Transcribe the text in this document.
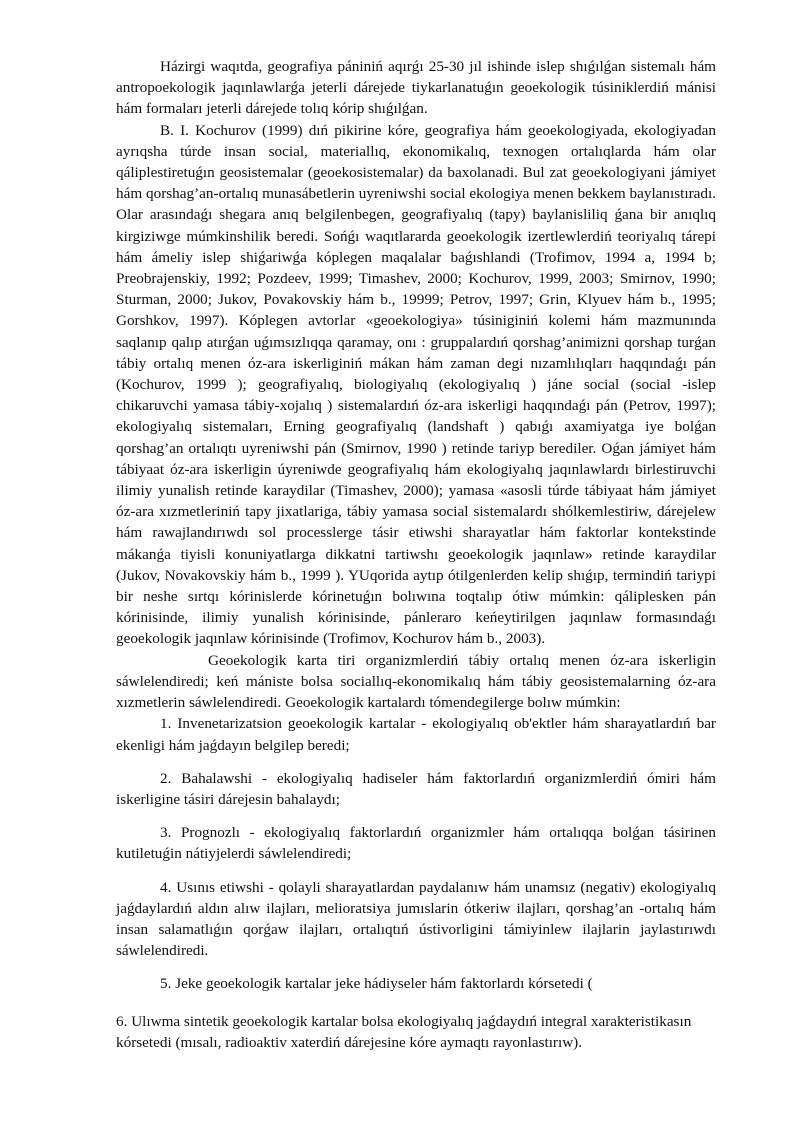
Házirgi waqıtda, geografiya pániniń aqırǵı 25-30 jıl ishinde islep shıǵılǵan sistemalı hám antropoekologik jaqınlawlarǵa jeterli dárejede tiykarlanatuǵın geoekologik túsiniklerdiń mánisi hám formaları jeterli dárejede tolıq kórip shıǵılǵan.

B. I. Kochurov (1999) dıń pikirine kóre, geografiya hám geoekologiyada, ekologiyadan ayrıqsha túrde insan social, materiallıq, ekonomikalıq, texnogen ortalıqlarda hám olar qáliplestiretuǵın geosistemalar (geoekosistemalar) da baxolanadi. Bul zat geoekologiyani jámiyet hám qorshag’an-ortalıq munasábetlerin uyreniwshi social ekologiya menen bekkem baylanıstıradı. Olar arasındaǵı shegara anıq belgilenbegen, geografiyalıq (tapy) baylanisliliq ǵana bir anıqlıq kirgiziwge múmkinshilik beredi. Sońǵı waqıtlararda geoekologik izertlewlerdiń teoriyalıq tárepi hám ámeliy islep shiǵariwǵa kóplegen maqalalar baǵıshlandi (Trofimov, 1994 a, 1994 b; Preobrajenskiy, 1992; Pozdeev, 1999; Timashev, 2000; Kochurov, 1999, 2003; Smirnov, 1990; Sturman, 2000; Jukov, Povakovskiy hám b., 19999; Petrov, 1997; Grin, Klyuev hám b., 1995; Gorshkov, 1997). Kóplegen avtorlar «geoekologiya» túsiniginiń kolemi hám mazmunında saqlanıp qalıp atırǵan uǵımsızlıqqa qaramay, onı : gruppalardıń qorshag’animizni qorshap turǵan tábiy ortalıq menen óz-ara iskerliginiń mákan hám zaman degi nızamlılıqları haqqındaǵı pán (Kochurov, 1999 ); geografiyalıq, biologiyalıq (ekologiyalıq ) jáne social (social -islep chikaruvchi yamasa tábiy-xojalıq ) sistemalardıń óz-ara iskerligi haqqındaǵı pán (Petrov, 1997); ekologiyalıq sistemaları, Erning geografiyalıq (landshaft ) qabıǵı axamiyatga iye bolǵan qorshag’an ortalıqtı uyreniwshi pán (Smirnov, 1990 ) retinde tariyp berediler. Oǵan jámiyet hám tábiyaat óz-ara iskerligin úyreniwde geografiyalıq hám ekologiyalıq jaqınlawlardı birlestiruvchi ilimiy yunalish retinde karaydilar (Timashev, 2000); yamasa «asosli túrde tábiyaat hám jámiyet óz-ara xızmetleriniń tapy jixatlariga, tábiy yamasa social sistemalardı shólkemlestiriw, dárejelew hám rawajlandırıwdı sol processlerge tásir etiwshi sharayatlar hám faktorlar kontekstinde mákanǵa tiyisli konuniyatlarga dikkatni tartiwshı geoekologik jaqınlaw» retinde karaydilar (Jukov, Novakovskiy hám b., 1999 ). YUqorida aytıp ótilgenlerden kelip shıǵıp, termindiń tariypi bir neshe sırtqı kórinislerde kórinetuǵın bolıwına toqtalıp ótiw múmkin: qáliplesken pán kórinisinde, ilimiy yunalish kórinisinde, pánleraro keńeytirilgen jaqınlaw formasındaǵı geoekologik jaqınlaw kórinisinde (Trofimov, Kochurov hám b., 2003).

Geoekologik karta tiri organizmlerdiń tábiy ortalıq menen óz-ara iskerligin sáwlelendiredi; keń mániste bolsa sociallıq-ekonomikalıq hám tábiy geosistemalarning óz-ara xızmetlerin sáwlelendiredi. Geoekologik kartalardı tómendegilerge bolıw múmkin:

1. Invenetarizatsion geoekologik kartalar - ekologiyalıq ob'ektler hám sharayatlardıń bar ekenligi hám jaǵdayın belgilep beredi;

2. Bahalawshi - ekologiyalıq hadiseler hám faktorlardıń organizmlerdiń ómiri hám iskerligine tásiri dárejesin bahalaydı;

3. Prognozlı - ekologiyalıq faktorlardıń organizmler hám ortalıqqa bolǵan tásirinen kutiletuǵin nátiyjelerdi sáwlelendiredi;

4. Usınıs etiwshi - qolayli sharayatlardan paydalanıw hám unamsız (negativ) ekologiyalıq jaǵdaylardıń aldın alıw ilajları, melioratsiya jumıslarin ótkeriw ilajları, qorshag’an -ortalıq hám insan salamatlıǵın qorǵaw ilajları, ortalıqtıń ústivorligini támiyinlew ilajlarin jaylastırıwdı sáwlelendiredi.

5. Jeke geoekologik kartalar jeke hádiyseler hám faktorlardı kórsetedi (

6. Ulıwma sintetik geoekologik kartalar bolsa ekologiyalıq jaǵdaydıń integral xarakteristikasın kórsetedi (mısalı, radioaktiv xaterdiń dárejesine kóre aymaqtı rayonlastırıw).
